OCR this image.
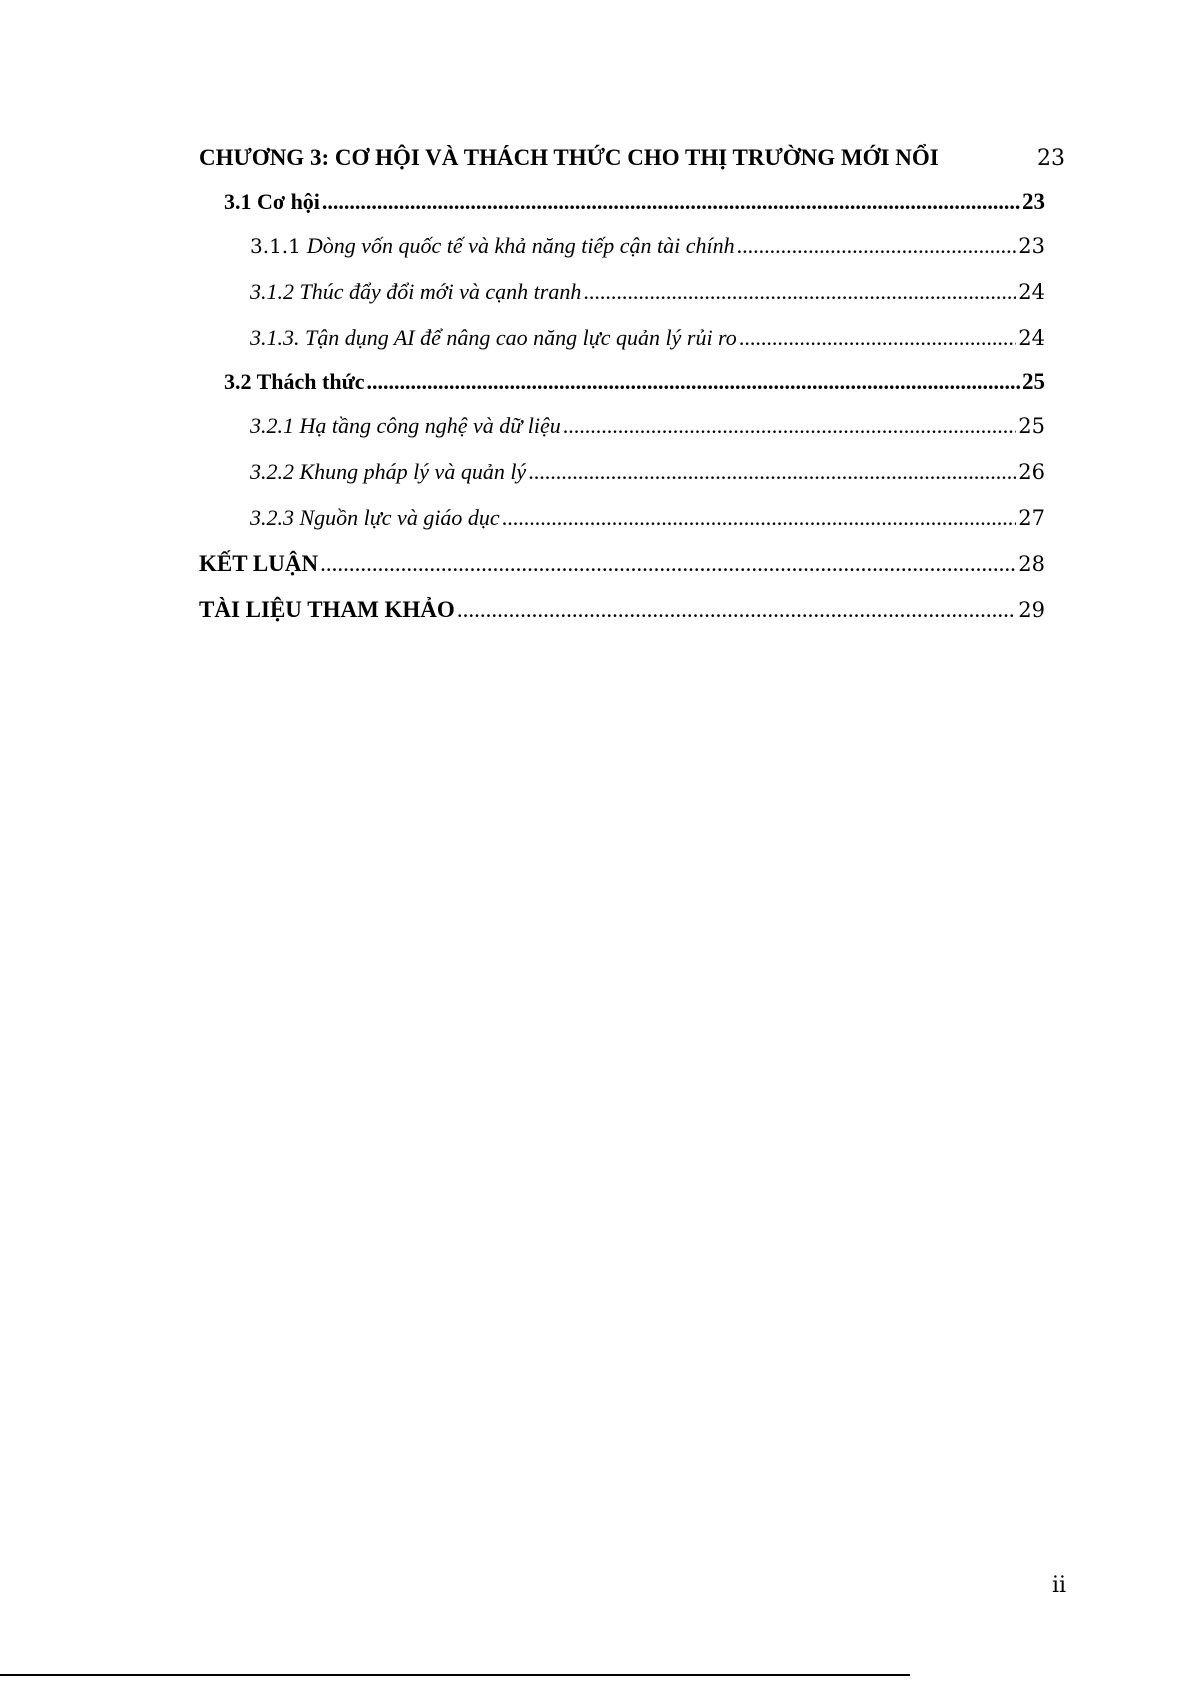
CHƯƠNG 3: CƠ HỘI VÀ THÁCH THỨC CHO THỊ TRƯỜNG MỚI NỔI	23
3.1 Cơ hội .....	23
3.1.1 Dòng vốn quốc tế và khả năng tiếp cận tài chính .....	23
3.1.2 Thúc đẩy đổi mới và cạnh tranh .....	24
3.1.3. Tận dụng AI để nâng cao năng lực quản lý rủi ro .....	24
3.2 Thách thức .....	25
3.2.1 Hạ tầng công nghệ và dữ liệu .....	25
3.2.2 Khung pháp lý và quản lý .....	26
3.2.3 Nguồn lực và giáo dục .....	27
KẾT LUẬN .....	28
TÀI LIỆU THAM KHẢO .....	29
ii
